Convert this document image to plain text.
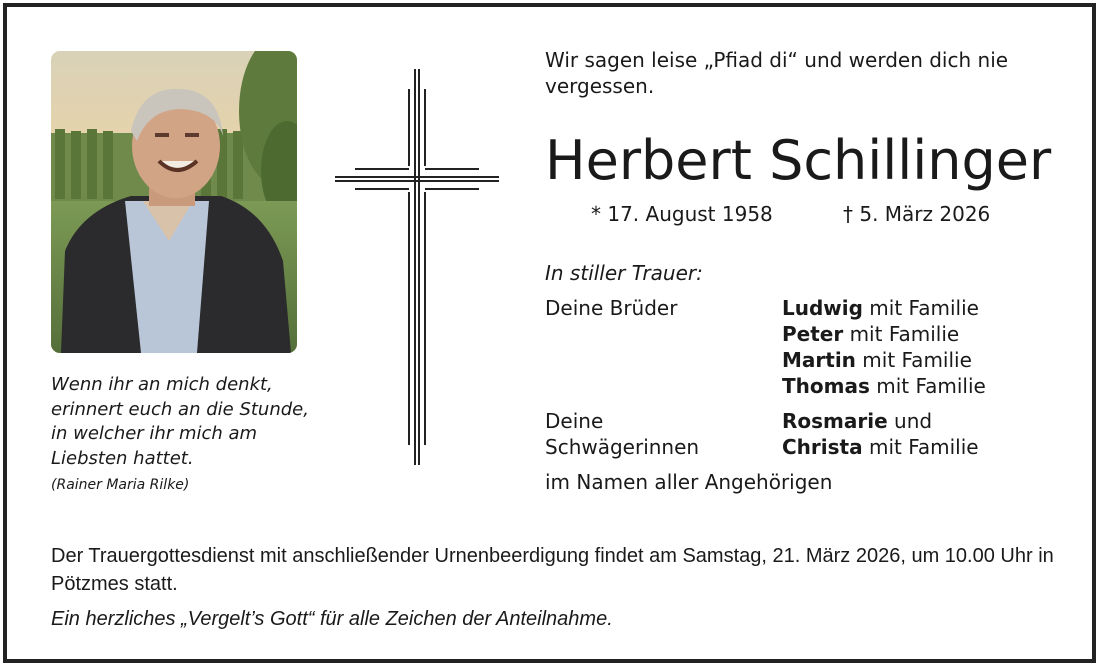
Wenn ihr an mich denkt,
erinnert euch an die Stunde,
in welcher ihr mich am
Liebsten hattet.
(Rainer Maria Rilke)
Wir sagen leise „Pfiad di“ und werden dich nie vergessen.
Herbert Schillinger
* 17. August 1958	† 5. März 2026
In stiller Trauer:
Deine Brüder	Ludwig mit Familie
Peter mit Familie
Martin mit Familie
Thomas mit Familie
Deine
Schwägerinnen
Rosmarie und
Christa mit Familie
im Namen aller Angehörigen
Der Trauergottesdienst mit anschließender Urnenbeerdigung findet am Samstag, 21. März 2026, um 10.00 Uhr in Pötzmes statt.
Ein herzliches „Vergelt’s Gott“ für alle Zeichen der Anteilnahme.
